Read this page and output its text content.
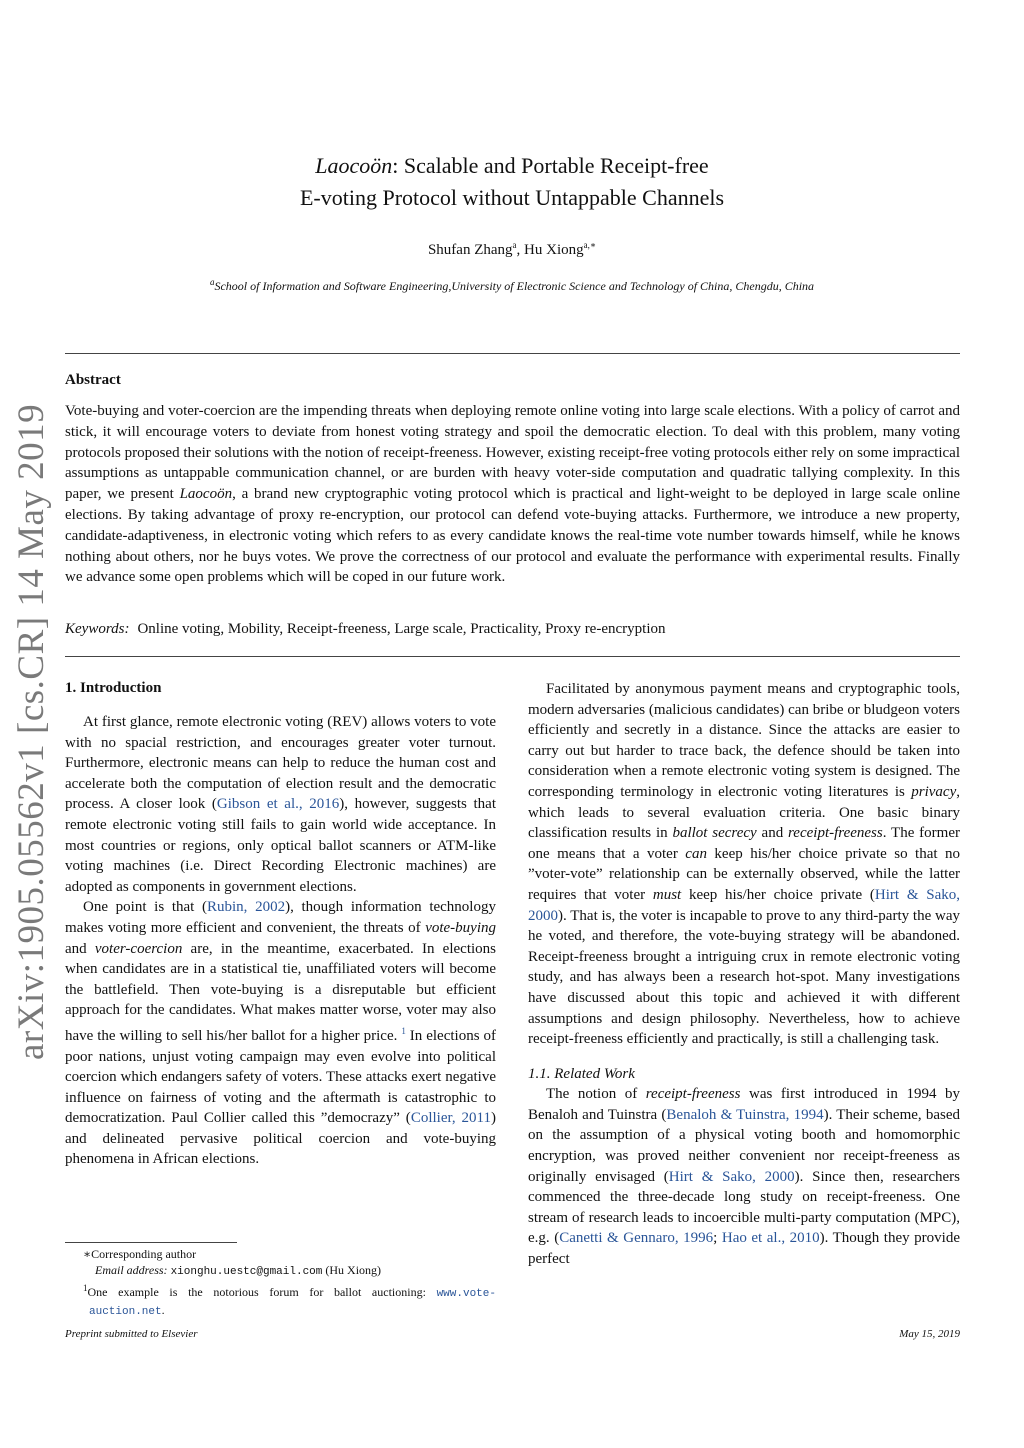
arXiv:1905.05562v1 [cs.CR] 14 May 2019
Laocoön: Scalable and Portable Receipt-free
E-voting Protocol without Untappable Channels
Shufan Zhang$^a$, Hu Xiong$^{a,∗}$
$^a$School of Information and Software Engineering,University of Electronic Science and Technology of China, Chengdu, China
Abstract
Vote-buying and voter-coercion are the impending threats when deploying remote online voting into large scale elections. With a policy of carrot and stick, it will encourage voters to deviate from honest voting strategy and spoil the democratic election. To deal with this problem, many voting protocols proposed their solutions with the notion of receipt-freeness. However, existing receipt-free voting protocols either rely on some impractical assumptions as untappable communication channel, or are burden with heavy voter-side computation and quadratic tallying complexity. In this paper, we present Laocoön, a brand new cryptographic voting protocol which is practical and light-weight to be deployed in large scale online elections. By taking advantage of proxy re-encryption, our protocol can defend vote-buying attacks. Furthermore, we introduce a new property, candidate-adaptiveness, in electronic voting which refers to as every candidate knows the real-time vote number towards himself, while he knows nothing about others, nor he buys votes. We prove the correctness of our protocol and evaluate the performance with experimental results. Finally we advance some open problems which will be coped in our future work.
Keywords: Online voting, Mobility, Receipt-freeness, Large scale, Practicality, Proxy re-encryption
1. Introduction

At first glance, remote electronic voting (REV) allows voters to vote with no spacial restriction, and encourages greater voter turnout. Furthermore, electronic means can help to reduce the human cost and accelerate both the computation of election result and the democratic process. A closer look (Gibson et al., 2016), however, suggests that remote electronic voting still fails to gain world wide acceptance. In most countries or regions, only optical ballot scanners or ATM-like voting machines (i.e. Direct Recording Electronic machines) are adopted as components in government elections.

One point is that (Rubin, 2002), though information technology makes voting more efficient and convenient, the threats of vote-buying and voter-coercion are, in the meantime, exacerbated. In elections when candidates are in a statistical tie, unaffiliated voters will become the battlefield. Then vote-buying is a disreputable but efficient approach for the candidates. What makes matter worse, voter may also have the willing to sell his/her ballot for a higher price. $^1$ In elections of poor nations, unjust voting campaign may even evolve into political coercion which endangers safety of voters. These attacks exert negative influence on fairness of voting and the aftermath is catastrophic to democratization. Paul Collier called this ”democrazy” (Collier, 2011) and delineated pervasive political coercion and vote-buying phenomena in African elections.

Facilitated by anonymous payment means and cryptographic tools, modern adversaries (malicious candidates) can bribe or bludgeon voters efficiently and secretly in a distance. Since the attacks are easier to carry out but harder to trace back, the defence should be taken into consideration when a remote electronic voting system is designed. The corresponding terminology in electronic voting literatures is privacy, which leads to several evaluation criteria. One basic binary classification results in ballot secrecy and receipt-freeness. The former one means that a voter can keep his/her choice private so that no ”voter-vote” relationship can be externally observed, while the latter requires that voter must keep his/her choice private (Hirt & Sako, 2000). That is, the voter is incapable to prove to any third-party the way he voted, and therefore, the vote-buying strategy will be abandoned. Receipt-freeness brought a intriguing crux in remote electronic voting study, and has always been a research hot-spot. Many investigations have discussed about this topic and achieved it with different assumptions and design philosophy. Nevertheless, how to achieve receipt-freeness efficiently and practically, is still a challenging task.

1.1. Related Work

The notion of receipt-freeness was first introduced in 1994 by Benaloh and Tuinstra (Benaloh & Tuinstra, 1994). Their scheme, based on the assumption of a physical voting booth and homomorphic encryption, was proved neither convenient nor receipt-freeness as originally envisaged (Hirt & Sako, 2000). Since then, researchers commenced the three-decade long study on receipt-freeness. One stream of research leads to incoercible multi-party computation (MPC), e.g. (Canetti & Gennaro, 1996; Hao et al., 2010). Though they provide perfect

∗Corresponding author
Email address: xionghu.uestc@gmail.com (Hu Xiong)
$^1$One example is the notorious forum for ballot auctioning: www.vote-auction.net.
Preprint submitted to Elsevier	May 15, 2019
